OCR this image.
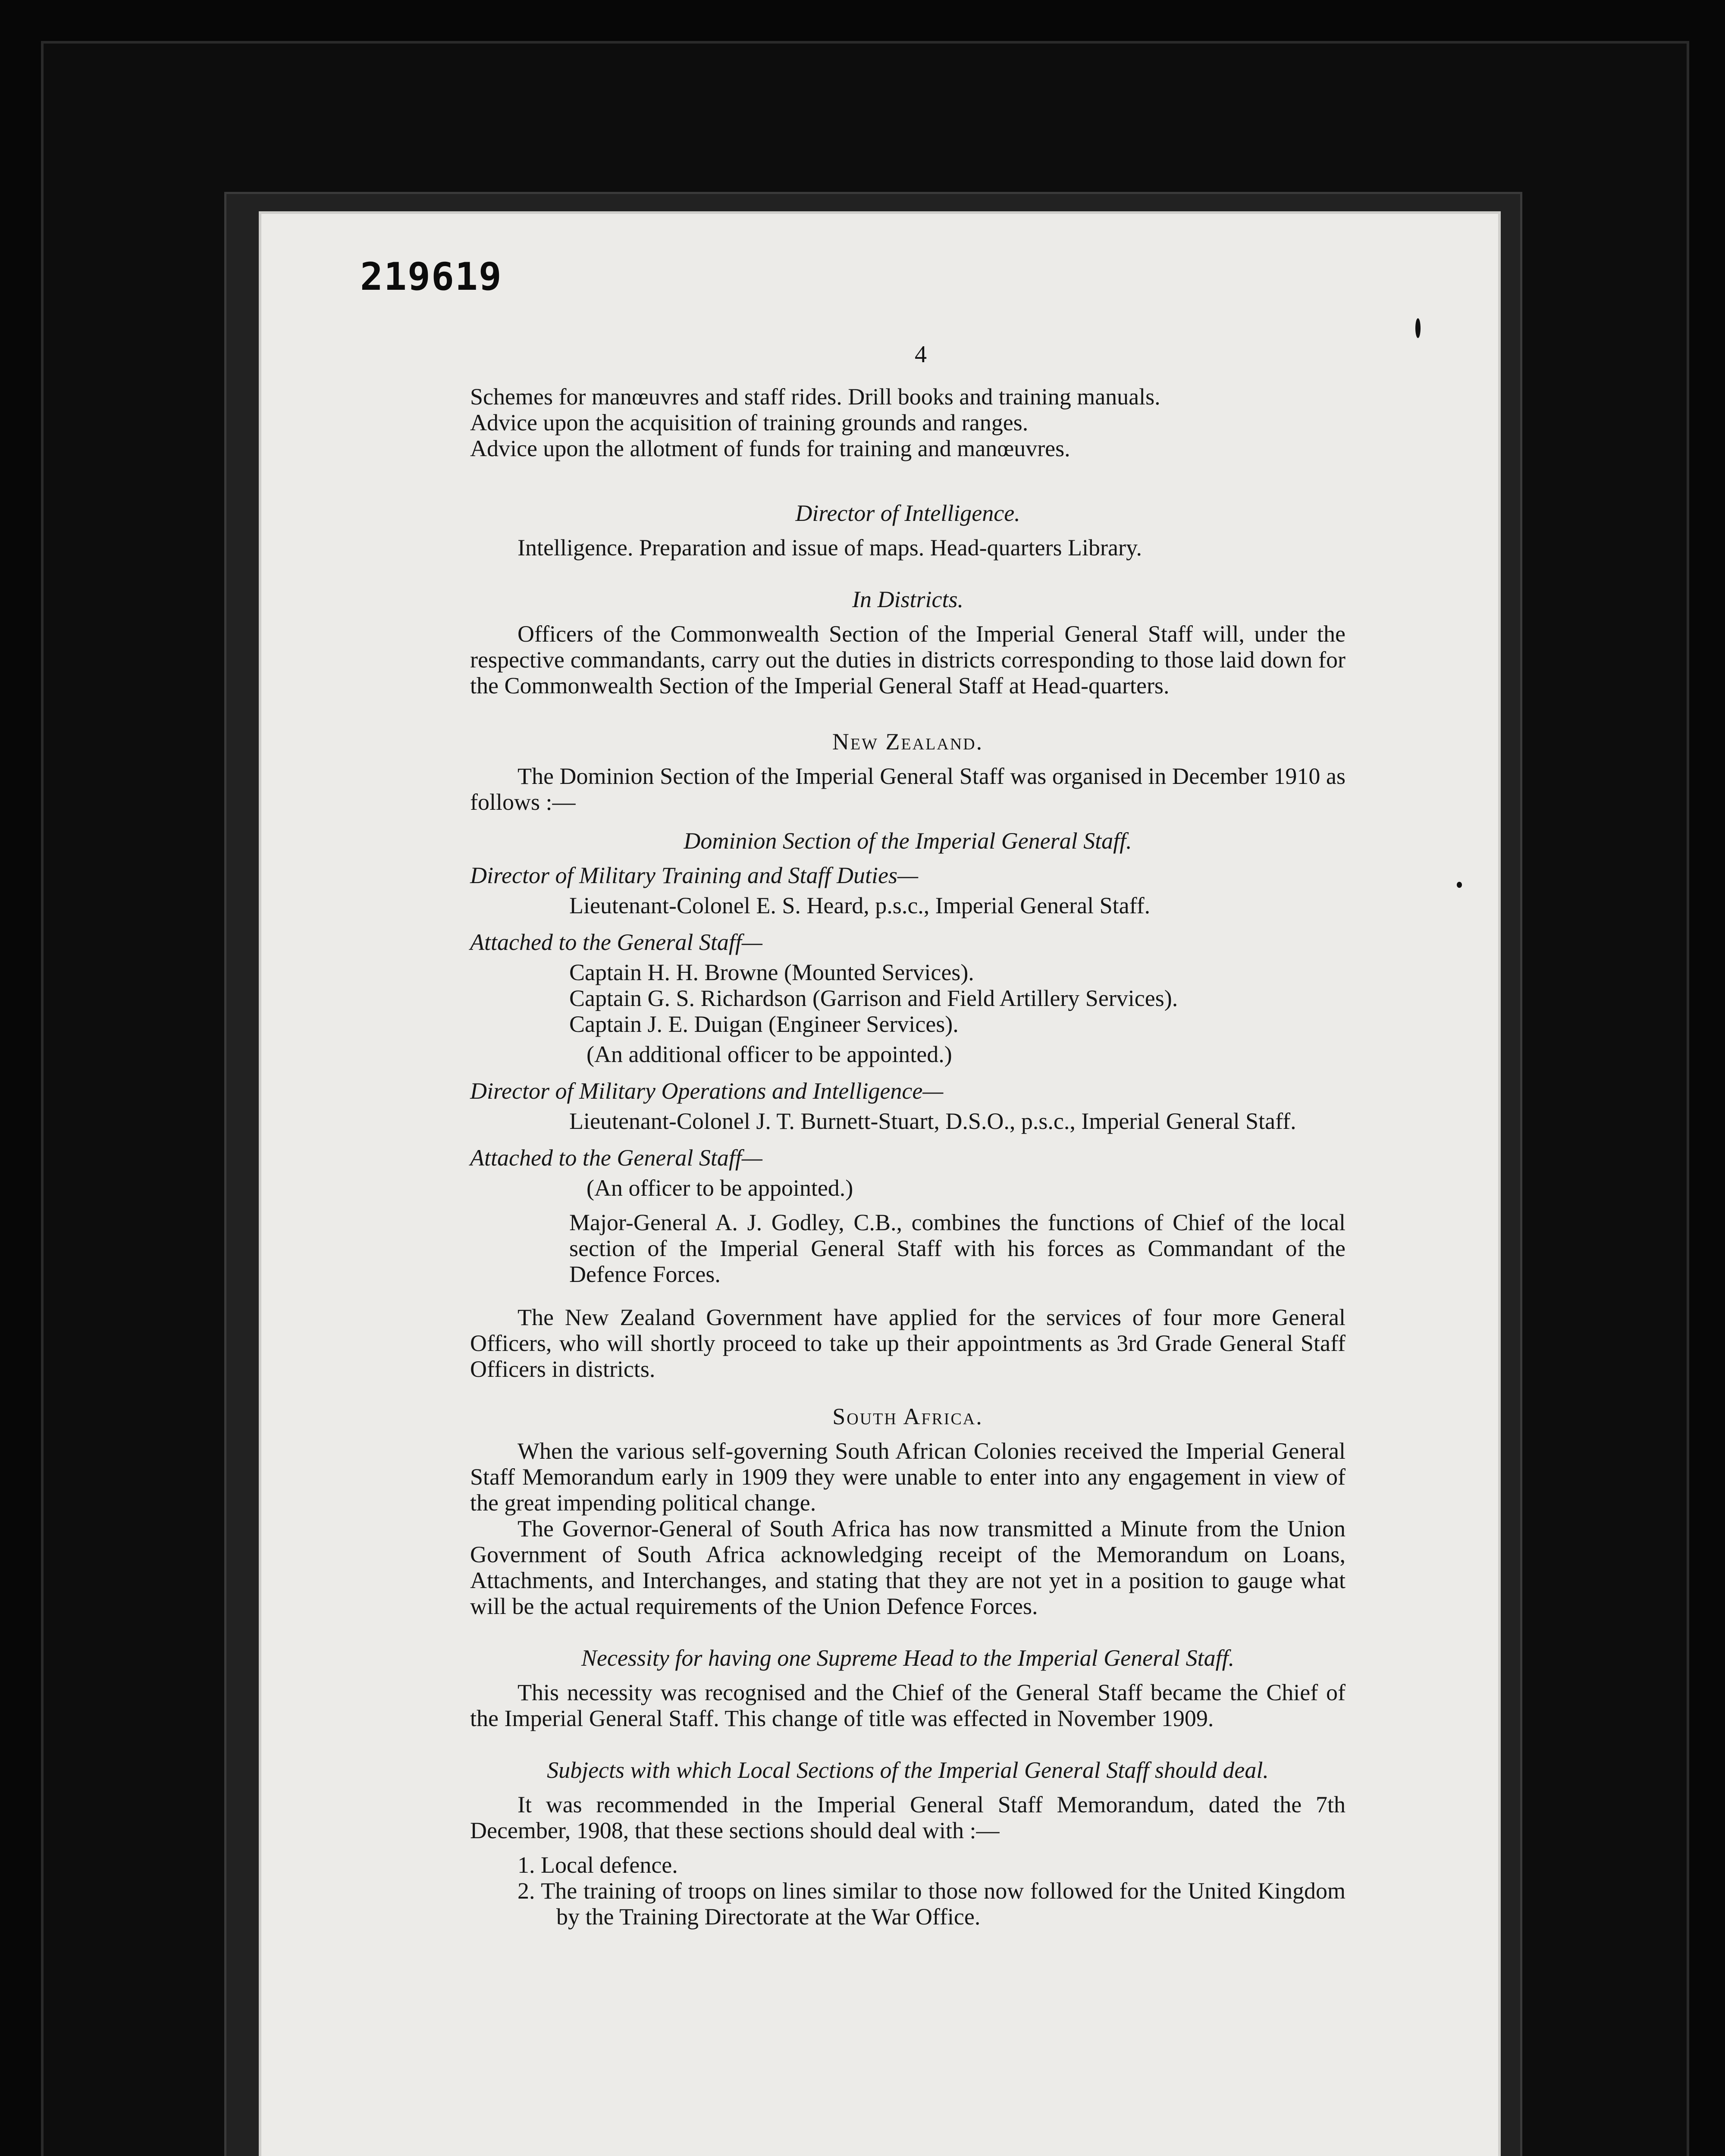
219619
4

Schemes for manœuvres and staff rides. Drill books and training manuals.

Advice upon the acquisition of training grounds and ranges.

Advice upon the allotment of funds for training and manœuvres.

Director of Intelligence.

Intelligence. Preparation and issue of maps. Head-quarters Library.

In Districts.

Officers of the Commonwealth Section of the Imperial General Staff will, under the respective commandants, carry out the duties in districts corresponding to those laid down for the Commonwealth Section of the Imperial General Staff at Head-quarters.

New Zealand.

The Dominion Section of the Imperial General Staff was organised in December 1910 as follows :—

Dominion Section of the Imperial General Staff.

Director of Military Training and Staff Duties—

Lieutenant-Colonel E. S. Heard, p.s.c., Imperial General Staff.

Attached to the General Staff—

Captain H. H. Browne (Mounted Services).

Captain G. S. Richardson (Garrison and Field Artillery Services).

Captain J. E. Duigan (Engineer Services).

(An additional officer to be appointed.)

Director of Military Operations and Intelligence—

Lieutenant-Colonel J. T. Burnett-Stuart, D.S.O., p.s.c., Imperial General Staff.

Attached to the General Staff—

(An officer to be appointed.)

Major-General A. J. Godley, C.B., combines the functions of Chief of the local section of the Imperial General Staff with his forces as Commandant of the Defence Forces.

The New Zealand Government have applied for the services of four more General Officers, who will shortly proceed to take up their appointments as 3rd Grade General Staff Officers in districts.

South Africa.

When the various self-governing South African Colonies received the Imperial General Staff Memorandum early in 1909 they were unable to enter into any engagement in view of the great impending political change.

The Governor-General of South Africa has now transmitted a Minute from the Union Government of South Africa acknowledging receipt of the Memorandum on Loans, Attachments, and Interchanges, and stating that they are not yet in a position to gauge what will be the actual requirements of the Union Defence Forces.

Necessity for having one Supreme Head to the Imperial General Staff.

This necessity was recognised and the Chief of the General Staff became the Chief of the Imperial General Staff. This change of title was effected in November 1909.

Subjects with which Local Sections of the Imperial General Staff should deal.

It was recommended in the Imperial General Staff Memorandum, dated the 7th December, 1908, that these sections should deal with :—

1. Local defence.

2. The training of troops on lines similar to those now followed for the United Kingdom by the Training Directorate at the War Office.
